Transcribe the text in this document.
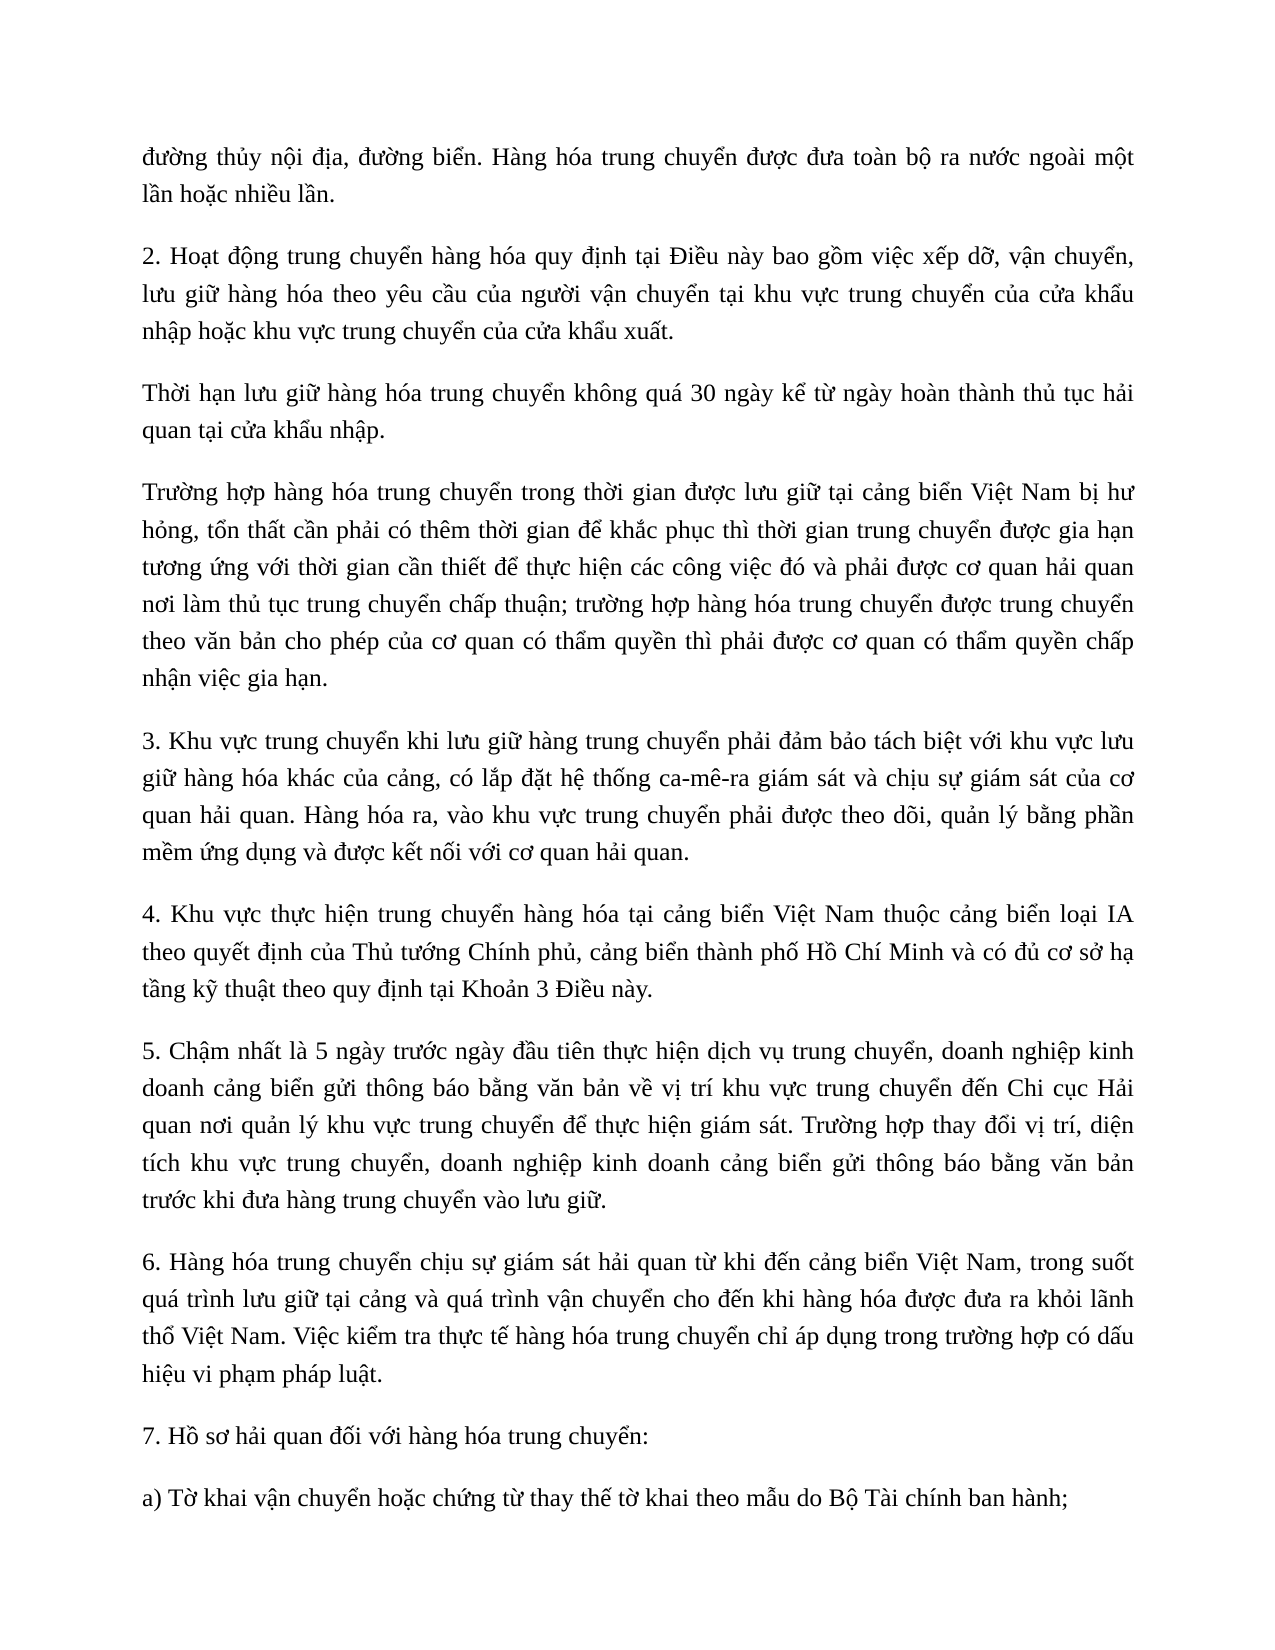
đường thủy nội địa, đường biển. Hàng hóa trung chuyển được đưa toàn bộ ra nước ngoài một lần hoặc nhiều lần.

2. Hoạt động trung chuyển hàng hóa quy định tại Điều này bao gồm việc xếp dỡ, vận chuyển, lưu giữ hàng hóa theo yêu cầu của người vận chuyển tại khu vực trung chuyển của cửa khẩu nhập hoặc khu vực trung chuyển của cửa khẩu xuất.

Thời hạn lưu giữ hàng hóa trung chuyển không quá 30 ngày kể từ ngày hoàn thành thủ tục hải quan tại cửa khẩu nhập.

Trường hợp hàng hóa trung chuyển trong thời gian được lưu giữ tại cảng biển Việt Nam bị hư hỏng, tổn thất cần phải có thêm thời gian để khắc phục thì thời gian trung chuyển được gia hạn tương ứng với thời gian cần thiết để thực hiện các công việc đó và phải được cơ quan hải quan nơi làm thủ tục trung chuyển chấp thuận; trường hợp hàng hóa trung chuyển được trung chuyển theo văn bản cho phép của cơ quan có thẩm quyền thì phải được cơ quan có thẩm quyền chấp nhận việc gia hạn.

3. Khu vực trung chuyển khi lưu giữ hàng trung chuyển phải đảm bảo tách biệt với khu vực lưu giữ hàng hóa khác của cảng, có lắp đặt hệ thống ca-mê-ra giám sát và chịu sự giám sát của cơ quan hải quan. Hàng hóa ra, vào khu vực trung chuyển phải được theo dõi, quản lý bằng phần mềm ứng dụng và được kết nối với cơ quan hải quan.

4. Khu vực thực hiện trung chuyển hàng hóa tại cảng biển Việt Nam thuộc cảng biển loại IA theo quyết định của Thủ tướng Chính phủ, cảng biển thành phố Hồ Chí Minh và có đủ cơ sở hạ tầng kỹ thuật theo quy định tại Khoản 3 Điều này.

5. Chậm nhất là 5 ngày trước ngày đầu tiên thực hiện dịch vụ trung chuyển, doanh nghiệp kinh doanh cảng biển gửi thông báo bằng văn bản về vị trí khu vực trung chuyển đến Chi cục Hải quan nơi quản lý khu vực trung chuyển để thực hiện giám sát. Trường hợp thay đổi vị trí, diện tích khu vực trung chuyển, doanh nghiệp kinh doanh cảng biển gửi thông báo bằng văn bản trước khi đưa hàng trung chuyển vào lưu giữ.

6. Hàng hóa trung chuyển chịu sự giám sát hải quan từ khi đến cảng biển Việt Nam, trong suốt quá trình lưu giữ tại cảng và quá trình vận chuyển cho đến khi hàng hóa được đưa ra khỏi lãnh thổ Việt Nam. Việc kiểm tra thực tế hàng hóa trung chuyển chỉ áp dụng trong trường hợp có dấu hiệu vi phạm pháp luật.

7. Hồ sơ hải quan đối với hàng hóa trung chuyển:

a) Tờ khai vận chuyển hoặc chứng từ thay thế tờ khai theo mẫu do Bộ Tài chính ban hành;
